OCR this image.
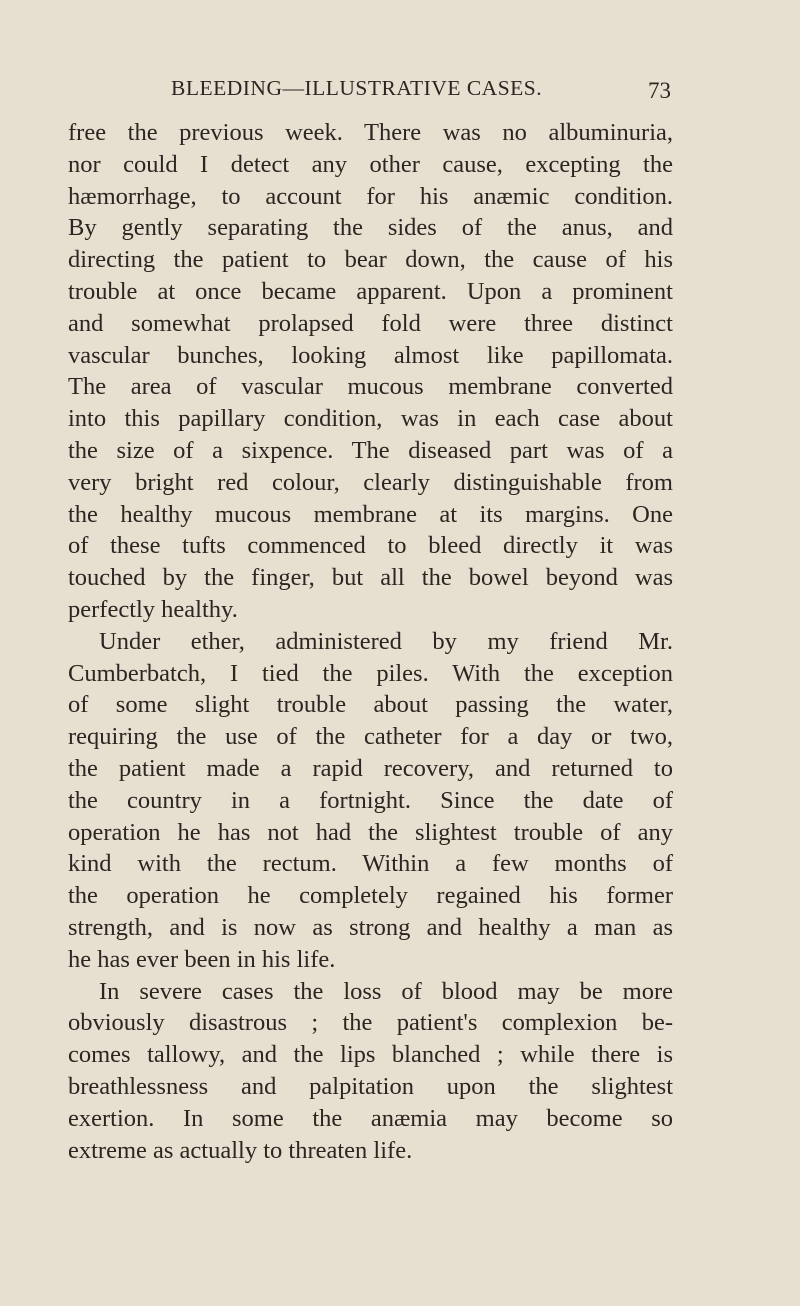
BLEEDING—ILLUSTRATIVE CASES.	73
free the previous week. There was no albuminuria,
nor could I detect any other cause, excepting the
hæmorrhage, to account for his anæmic condition.
By gently separating the sides of the anus, and
directing the patient to bear down, the cause of his
trouble at once became apparent. Upon a prominent
and somewhat prolapsed fold were three distinct
vascular bunches, looking almost like papillomata.
The area of vascular mucous membrane converted
into this papillary condition, was in each case about
the size of a sixpence. The diseased part was of a
very bright red colour, clearly distinguishable from
the healthy mucous membrane at its margins. One
of these tufts commenced to bleed directly it was
touched by the finger, but all the bowel beyond was
perfectly healthy.
Under ether, administered by my friend Mr.
Cumberbatch, I tied the piles. With the exception
of some slight trouble about passing the water,
requiring the use of the catheter for a day or two,
the patient made a rapid recovery, and returned to
the country in a fortnight. Since the date of
operation he has not had the slightest trouble of any
kind with the rectum. Within a few months of
the operation he completely regained his former
strength, and is now as strong and healthy a man as
he has ever been in his life.
In severe cases the loss of blood may be more
obviously disastrous ; the patient's complexion be-
comes tallowy, and the lips blanched ; while there is
breathlessness and palpitation upon the slightest
exertion. In some the anæmia may become so
extreme as actually to threaten life.
